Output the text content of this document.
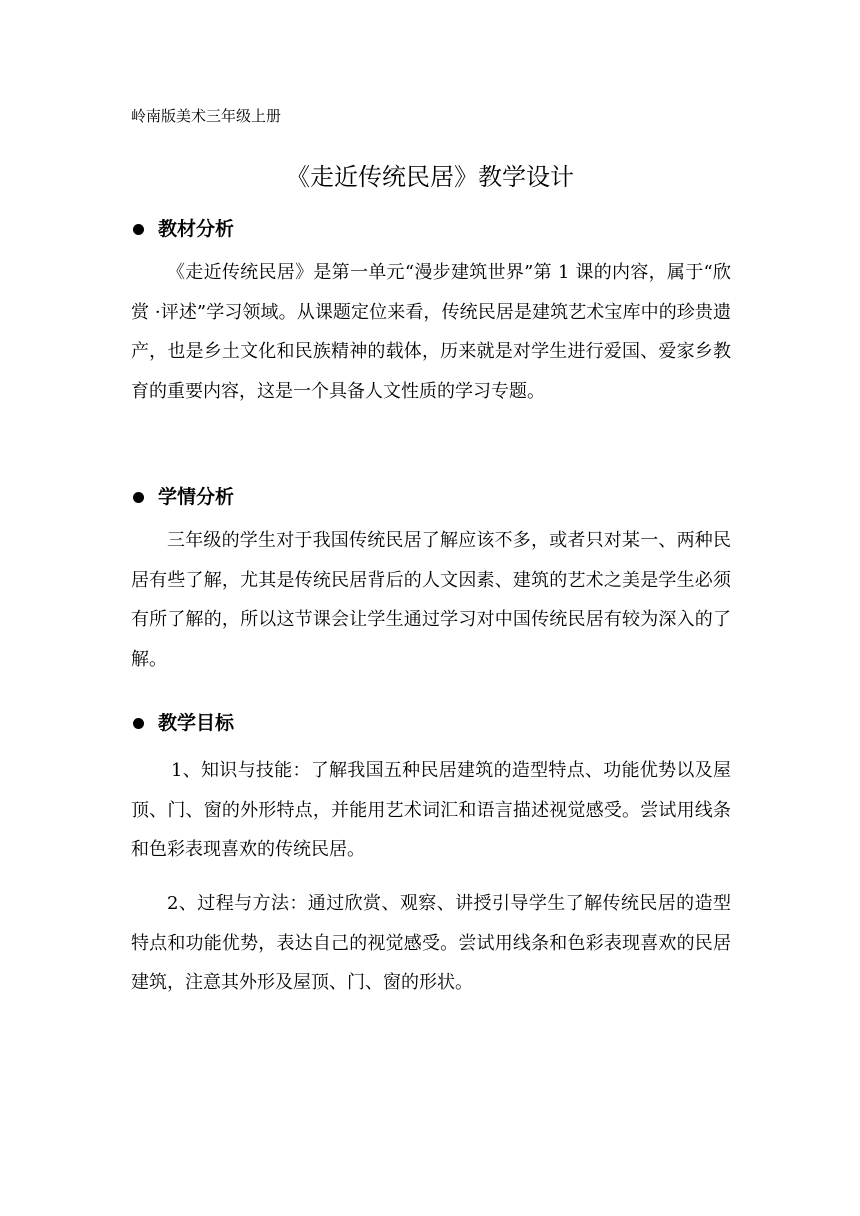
岭南版美术三年级上册
《走近传统民居》教学设计
教材分析
《走近传统民居》是第一单元“漫步建筑世界”第 1 课的内容，属于“欣赏 ·评述”学习领域。从课题定位来看，传统民居是建筑艺术宝库中的珍贵遗产，也是乡土文化和民族精神的载体，历来就是对学生进行爱国、爱家乡教育的重要内容，这是一个具备人文性质的学习专题。
学情分析
三年级的学生对于我国传统民居了解应该不多，或者只对某一、两种民居有些了解，尤其是传统民居背后的人文因素、建筑的艺术之美是学生必须有所了解的，所以这节课会让学生通过学习对中国传统民居有较为深入的了解。
教学目标
1、知识与技能：了解我国五种民居建筑的造型特点、功能优势以及屋顶、门、窗的外形特点，并能用艺术词汇和语言描述视觉感受。尝试用线条和色彩表现喜欢的传统民居。
2、过程与方法：通过欣赏、观察、讲授引导学生了解传统民居的造型特点和功能优势，表达自己的视觉感受。尝试用线条和色彩表现喜欢的民居建筑，注意其外形及屋顶、门、窗的形状。
